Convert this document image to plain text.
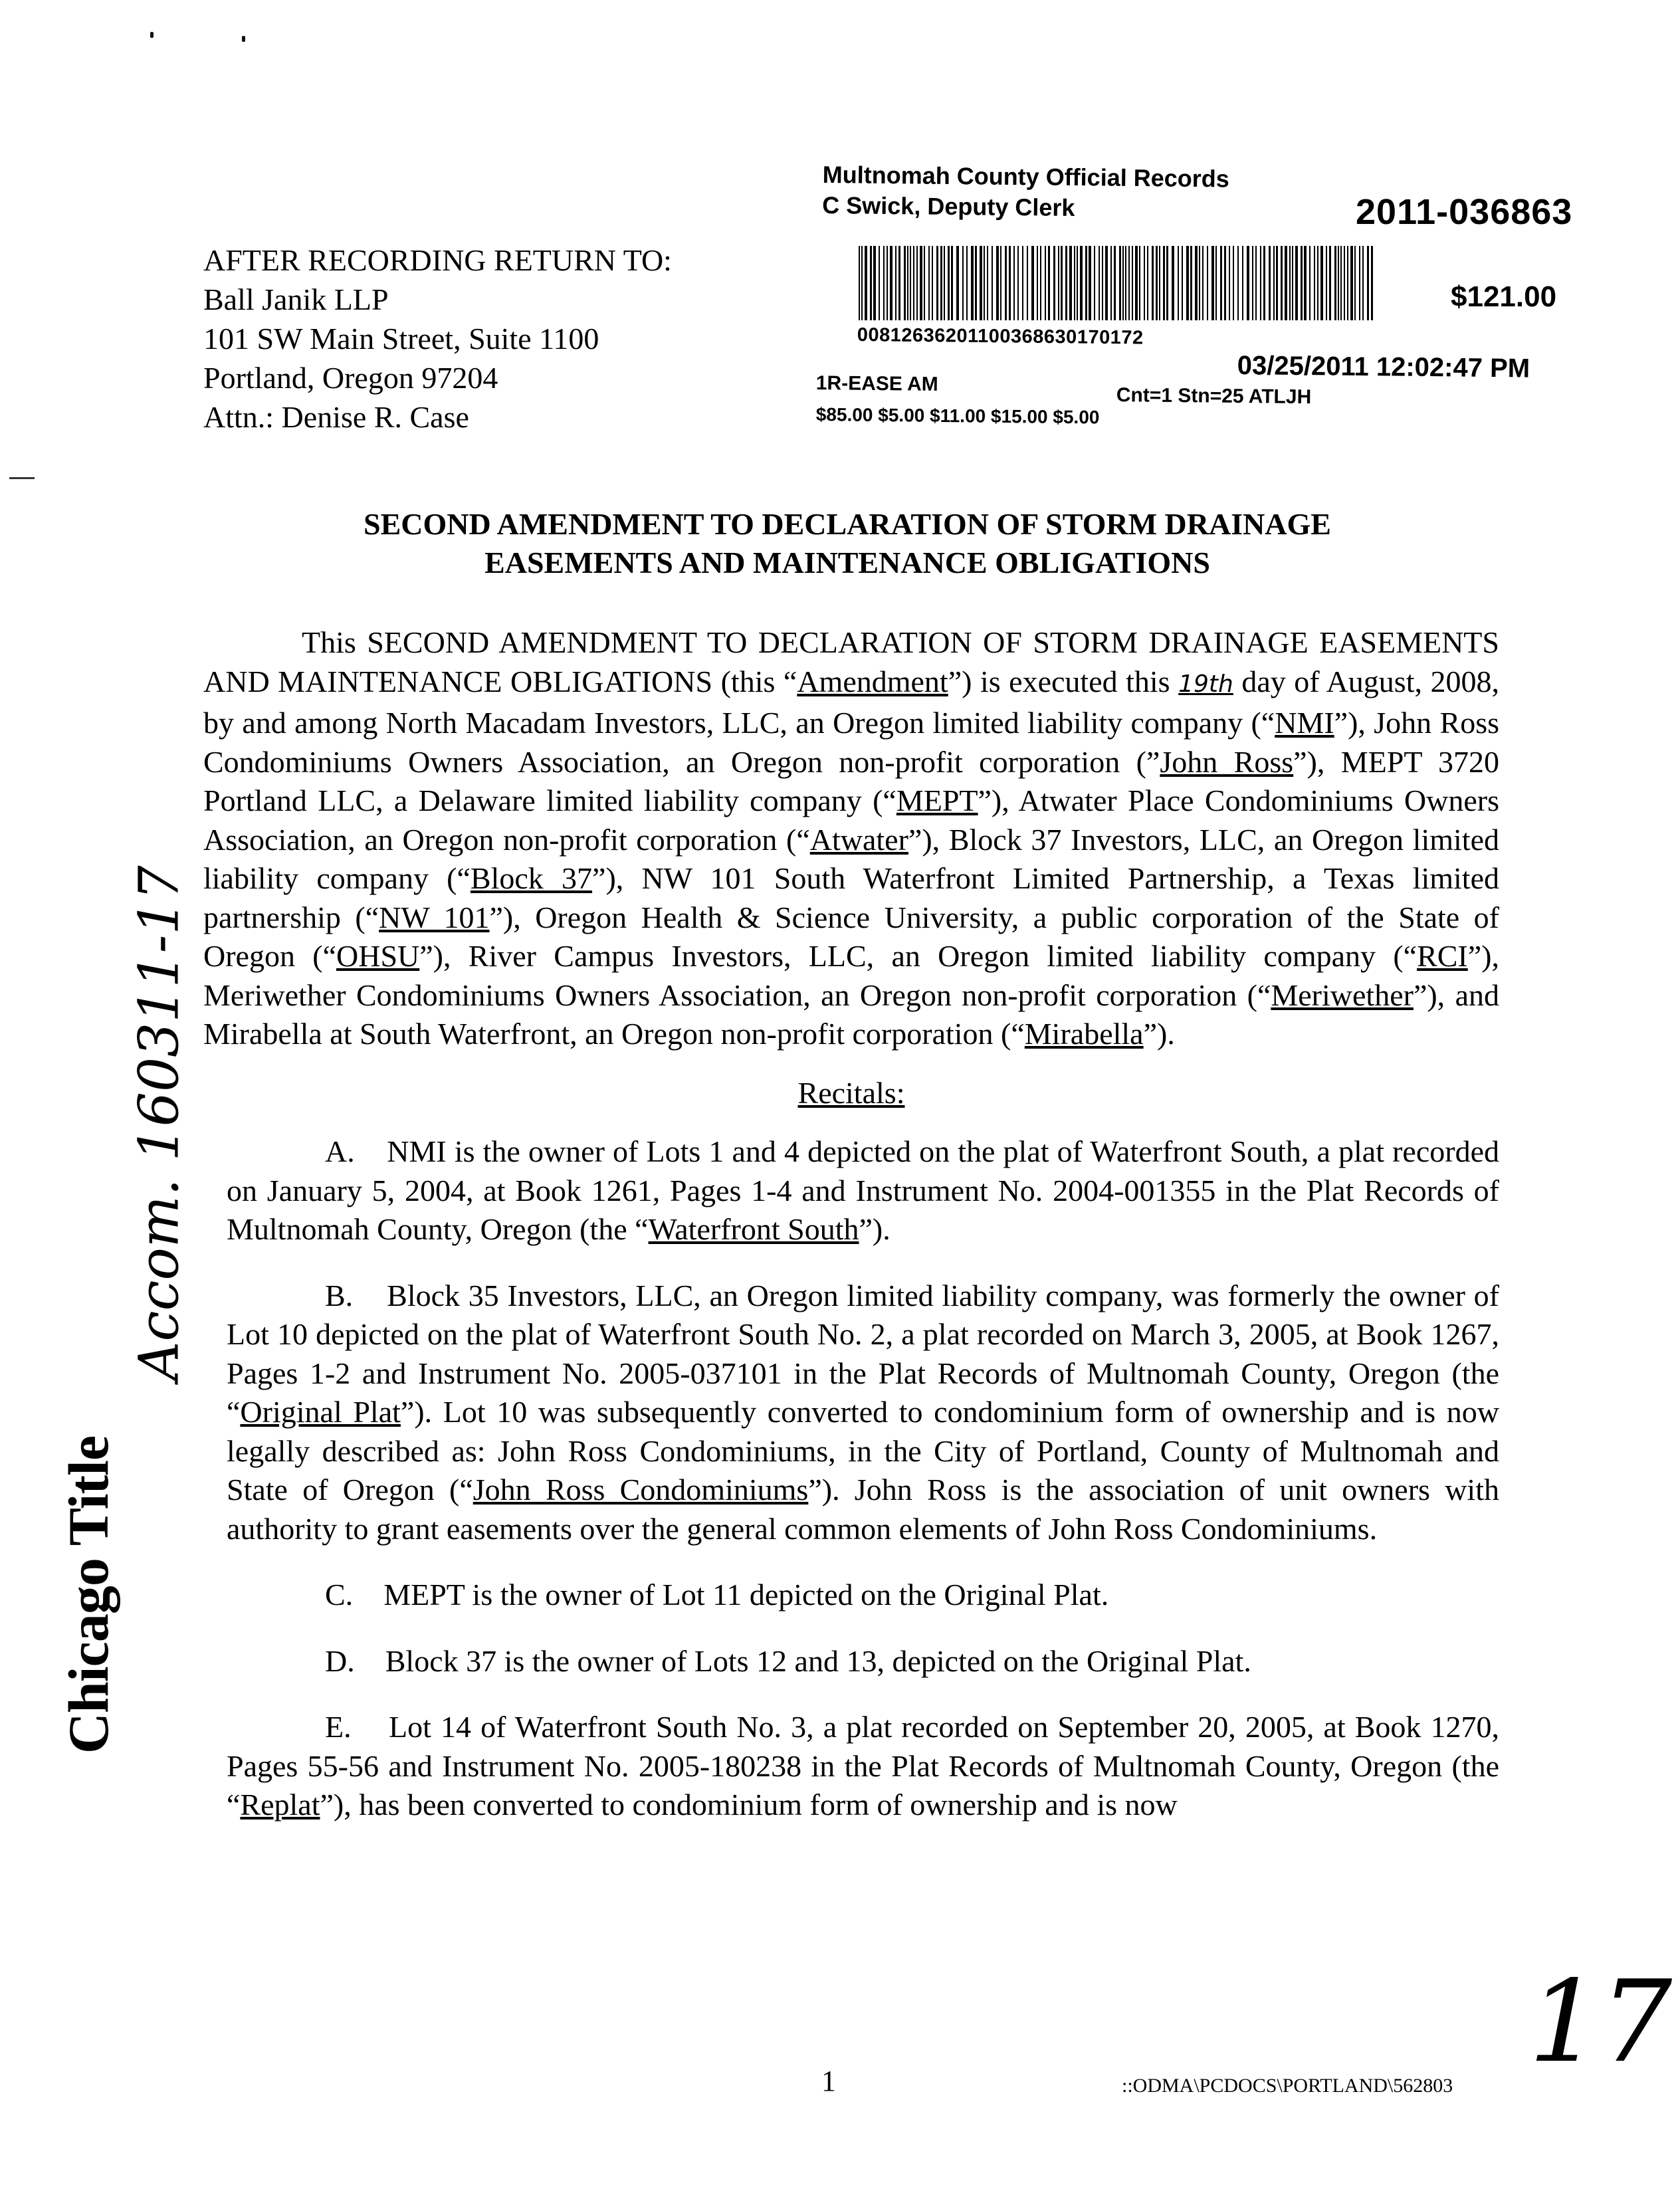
Multnomah County Official Records
C Swick, Deputy Clerk	2011-036863
00812636201100368630170172
$121.00
03/25/2011 12:02:47 PM
1R-EASE AM
Cnt=1 Stn=25 ATLJH
$85.00 $5.00 $11.00 $15.00 $5.00
AFTER RECORDING RETURN TO:
Ball Janik LLP
101 SW Main Street, Suite 1100
Portland, Oregon 97204
Attn.: Denise R. Case
SECOND AMENDMENT TO DECLARATION OF STORM DRAINAGE
EASEMENTS AND MAINTENANCE OBLIGATIONS

This SECOND AMENDMENT TO DECLARATION OF STORM DRAINAGE EASEMENTS AND MAINTENANCE OBLIGATIONS (this “Amendment”) is executed this 19th day of August, 2008, by and among North Macadam Investors, LLC, an Oregon limited liability company (“NMI”), John Ross Condominiums Owners Association, an Oregon non-profit corporation (”John Ross”), MEPT 3720 Portland LLC, a Delaware limited liability company (“MEPT”), Atwater Place Condominiums Owners Association, an Oregon non-profit corporation (“Atwater”), Block 37 Investors, LLC, an Oregon limited liability company (“Block 37”), NW 101 South Waterfront Limited Partnership, a Texas limited partnership (“NW 101”), Oregon Health & Science University, a public corporation of the State of Oregon (“OHSU”), River Campus Investors, LLC, an Oregon limited liability company (“RCI”), Meriwether Condominiums Owners Association, an Oregon non-profit corporation (“Meriwether”), and Mirabella at South Waterfront, an Oregon non-profit corporation (“Mirabella”).

Recitals:

A. NMI is the owner of Lots 1 and 4 depicted on the plat of Waterfront South, a plat recorded on January 5, 2004, at Book 1261, Pages 1-4 and Instrument No. 2004-001355 in the Plat Records of Multnomah County, Oregon (the “Waterfront South”).

B. Block 35 Investors, LLC, an Oregon limited liability company, was formerly the owner of Lot 10 depicted on the plat of Waterfront South No. 2, a plat recorded on March 3, 2005, at Book 1267, Pages 1-2 and Instrument No. 2005-037101 in the Plat Records of Multnomah County, Oregon (the “Original Plat”). Lot 10 was subsequently converted to condominium form of ownership and is now legally described as: John Ross Condominiums, in the City of Portland, County of Multnomah and State of Oregon (“John Ross Condominiums”). John Ross is the association of unit owners with authority to grant easements over the general common elements of John Ross Condominiums.

C. MEPT is the owner of Lot 11 depicted on the Original Plat.

D. Block 37 is the owner of Lots 12 and 13, depicted on the Original Plat.

E. Lot 14 of Waterfront South No. 3, a plat recorded on September 20, 2005, at Book 1270, Pages 55-56 and Instrument No. 2005-180238 in the Plat Records of Multnomah County, Oregon (the “Replat”), has been converted to condominium form of ownership and is now

Accom. 160311-17
Chicago Title
1	::ODMA\PCDOCS\PORTLAND\562803 17
